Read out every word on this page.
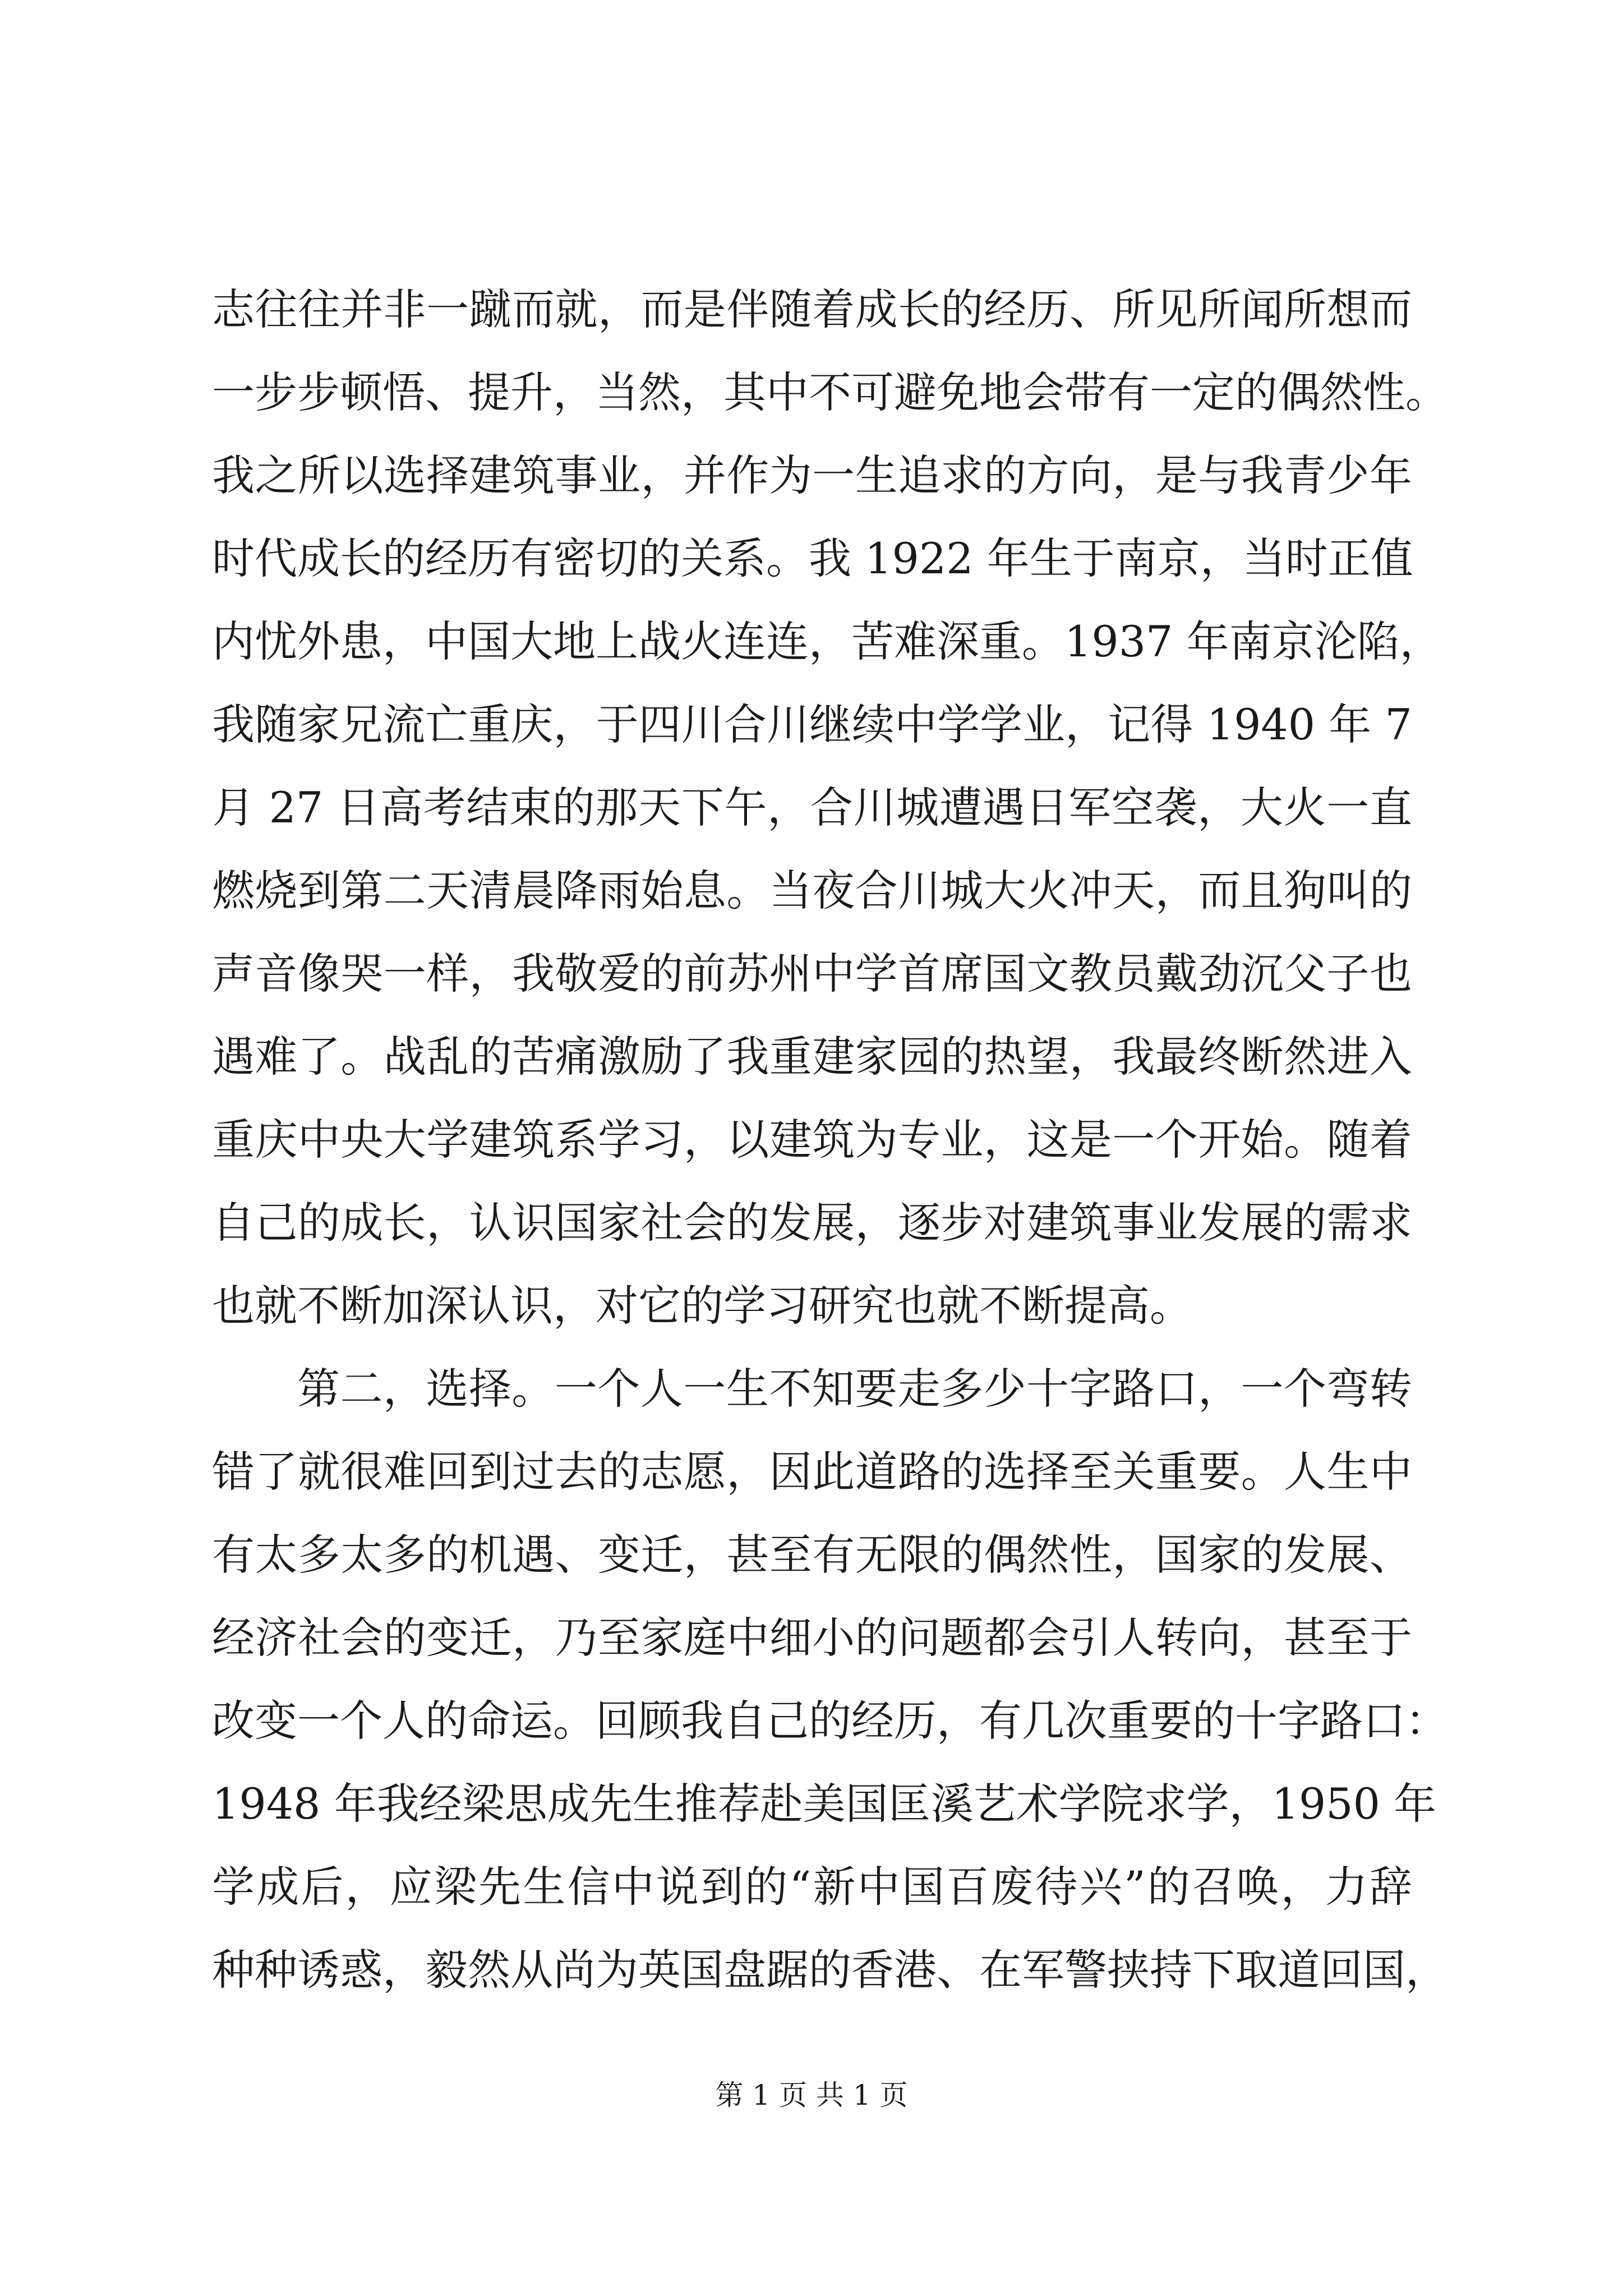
志往往并非一蹴而就，而是伴随着成长的经历、所见所闻所想而
一步步顿悟、提升，当然，其中不可避免地会带有一定的偶然性。
我之所以选择建筑事业，并作为一生追求的方向，是与我青少年
时代成长的经历有密切的关系。我 1922 年生于南京，当时正值
内忧外患，中国大地上战火连连，苦难深重。1937 年南京沦陷，
我随家兄流亡重庆，于四川合川继续中学学业，记得 1940 年 7
月 27 日高考结束的那天下午，合川城遭遇日军空袭，大火一直
燃烧到第二天清晨降雨始息。当夜合川城大火冲天，而且狗叫的
声音像哭一样，我敬爱的前苏州中学首席国文教员戴劲沉父子也
遇难了。战乱的苦痛激励了我重建家园的热望，我最终断然进入
重庆中央大学建筑系学习，以建筑为专业，这是一个开始。随着
自己的成长，认识国家社会的发展，逐步对建筑事业发展的需求
也就不断加深认识，对它的学习研究也就不断提高。
第二，选择。一个人一生不知要走多少十字路口，一个弯转
错了就很难回到过去的志愿，因此道路的选择至关重要。人生中
有太多太多的机遇、变迁，甚至有无限的偶然性，国家的发展、
经济社会的变迁，乃至家庭中细小的问题都会引人转向，甚至于
改变一个人的命运。回顾我自己的经历，有几次重要的十字路口：
1948 年我经梁思成先生推荐赴美国匡溪艺术学院求学，1950 年
学成后，应梁先生信中说到的“新中国百废待兴”的召唤，力辞
种种诱惑，毅然从尚为英国盘踞的香港、在军警挟持下取道回国，
第 1 页 共 1 页
